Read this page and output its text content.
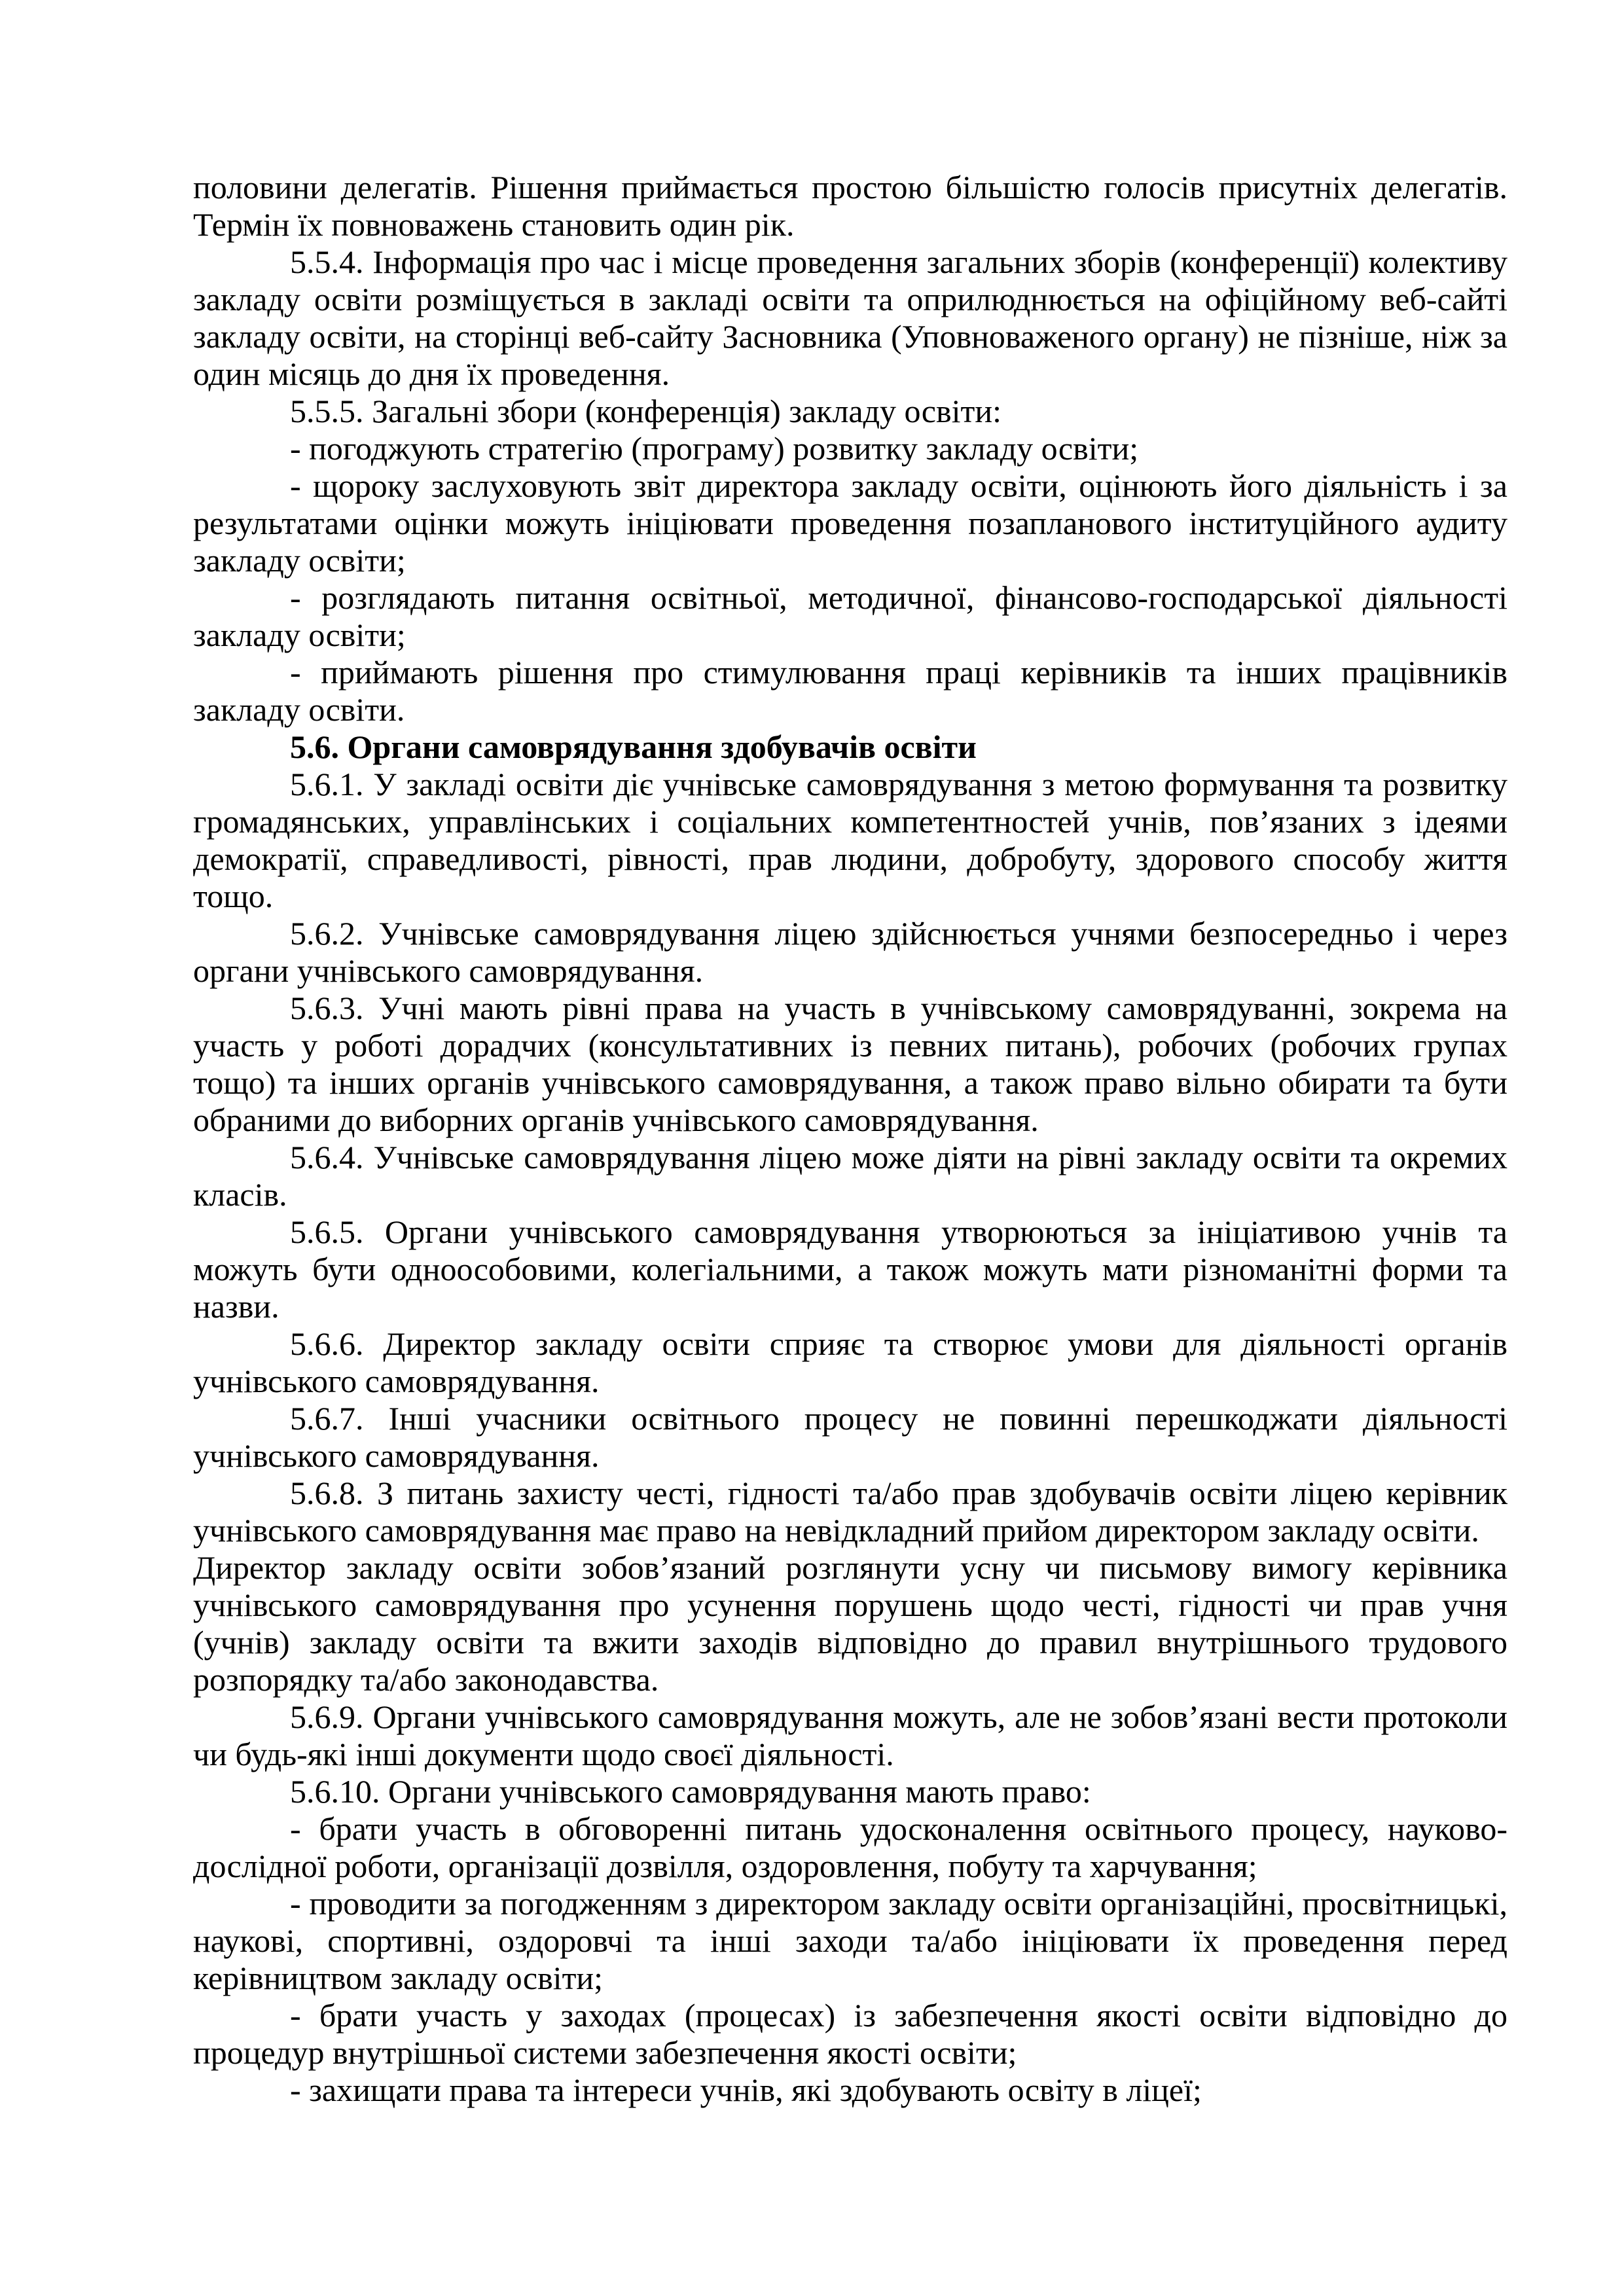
половини делегатів. Рішення приймається простою більшістю голосів присутніх делегатів. Термін їх повноважень становить один рік.

5.5.4. Інформація про час і місце проведення загальних зборів (конференції) колективу закладу освіти розміщується в закладі освіти та оприлюднюється на офіційному веб-сайті закладу освіти, на сторінці веб-сайту Засновника (Уповноваженого органу) не пізніше, ніж за один місяць до дня їх проведення.

5.5.5. Загальні збори (конференція) закладу освіти:

- погоджують стратегію (програму) розвитку закладу освіти;

- щороку заслуховують звіт директора закладу освіти, оцінюють його діяльність і за результатами оцінки можуть ініціювати проведення позапланового інституційного аудиту закладу освіти;

- розглядають питання освітньої, методичної, фінансово-господарської діяльності закладу освіти;

- приймають рішення про стимулювання праці керівників та інших працівників закладу освіти.

5.6. Органи самоврядування здобувачів освіти

5.6.1. У закладі освіти діє учнівське самоврядування з метою формування та розвитку громадянських, управлінських і соціальних компетентностей учнів, пов’язаних з ідеями демократії, справедливості, рівності, прав людини, добробуту, здорового способу життя тощо.

5.6.2. Учнівське самоврядування ліцею здійснюється учнями безпосередньо і через органи учнівського самоврядування.

5.6.3. Учні мають рівні права на участь в учнівському самоврядуванні, зокрема на участь у роботі дорадчих (консультативних із певних питань), робочих (робочих групах тощо) та інших органів учнівського самоврядування, а також право вільно обирати та бути обраними до виборних органів учнівського самоврядування.

5.6.4. Учнівське самоврядування ліцею може діяти на рівні закладу освіти та окремих класів.

5.6.5. Органи учнівського самоврядування утворюються за ініціативою учнів та можуть бути одноособовими, колегіальними, а також можуть мати різноманітні форми та назви.

5.6.6. Директор закладу освіти сприяє та створює умови для діяльності органів учнівського самоврядування.

5.6.7. Інші учасники освітнього процесу не повинні перешкоджати діяльності учнівського самоврядування.

5.6.8. З питань захисту честі, гідності та/або прав здобувачів освіти ліцею керівник учнівського самоврядування має право на невідкладний прийом директором закладу освіти.

Директор закладу освіти зобов’язаний розглянути усну чи письмову вимогу керівника учнівського самоврядування про усунення порушень щодо честі, гідності чи прав учня (учнів) закладу освіти та вжити заходів відповідно до правил внутрішнього трудового розпорядку та/або законодавства.

5.6.9. Органи учнівського самоврядування можуть, але не зобов’язані вести протоколи чи будь-які інші документи щодо своєї діяльності.

5.6.10. Органи учнівського самоврядування мають право:

- брати участь в обговоренні питань удосконалення освітнього процесу, науково-дослідної роботи, організації дозвілля, оздоровлення, побуту та харчування;

- проводити за погодженням з директором закладу освіти організаційні, просвітницькі, наукові, спортивні, оздоровчі та інші заходи та/або ініціювати їх проведення перед керівництвом закладу освіти;

- брати участь у заходах (процесах) із забезпечення якості освіти відповідно до процедур внутрішньої системи забезпечення якості освіти;

- захищати права та інтереси учнів, які здобувають освіту в ліцеї;
